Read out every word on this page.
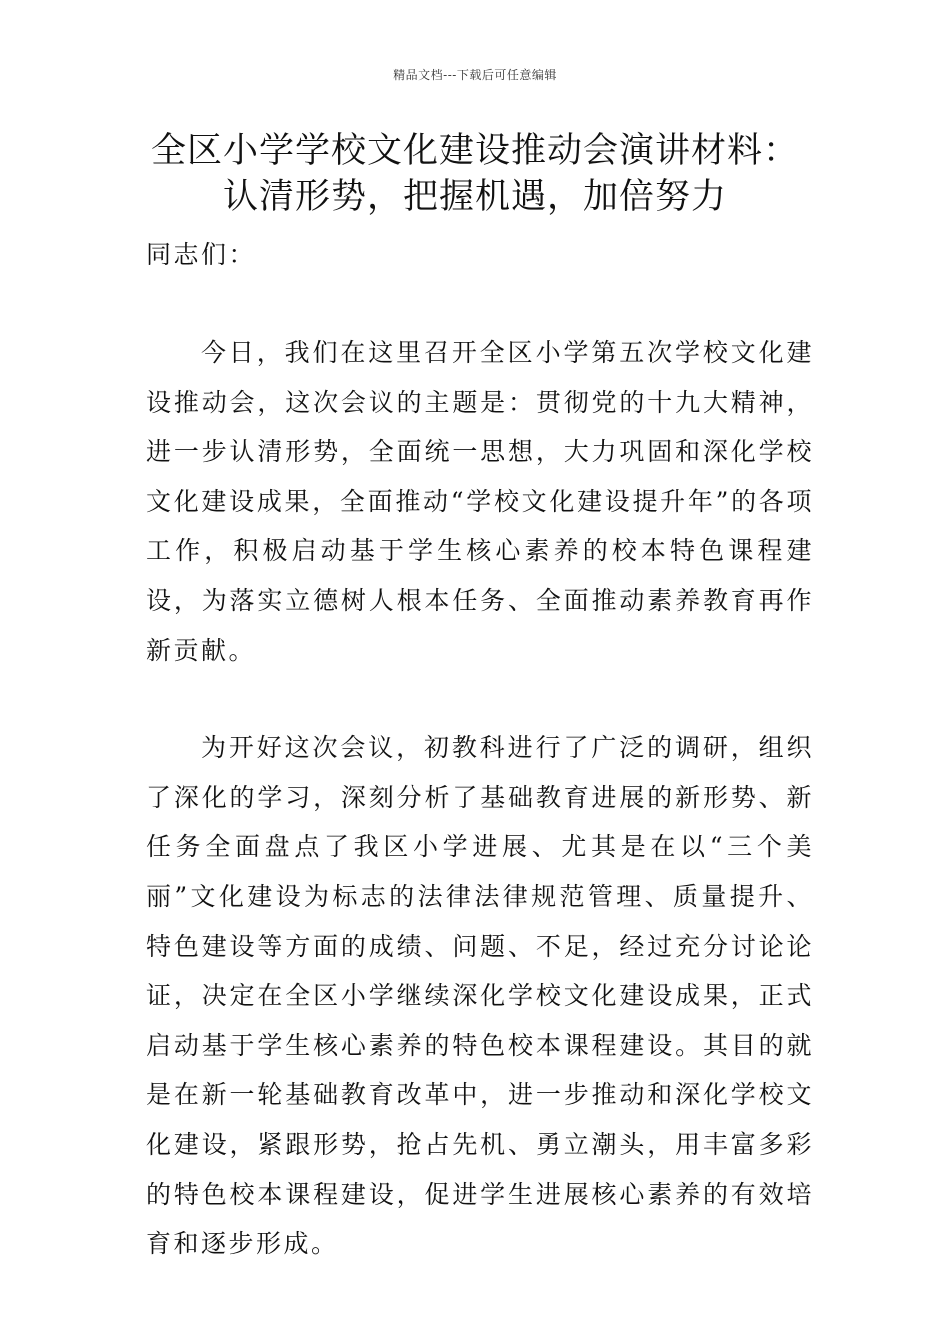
精品文档---下载后可任意编辑
全区小学学校文化建设推动会演讲材料：
认清形势，把握机遇，加倍努力

同志们：

今日，我们在这里召开全区小学第五次学校文化建设推动会，这次会议的主题是：贯彻党的十九大精神，进一步认清形势，全面统一思想，大力巩固和深化学校文化建设成果，全面推动“学校文化建设提升年”的各项工作，积极启动基于学生核心素养的校本特色课程建设，为落实立德树人根本任务、全面推动素养教育再作新贡献。

为开好这次会议，初教科进行了广泛的调研，组织了深化的学习，深刻分析了基础教育进展的新形势、新任务全面盘点了我区小学进展、尤其是在以“三个美丽”文化建设为标志的法律法律规范管理、质量提升、特色建设等方面的成绩、问题、不足，经过充分讨论论证，决定在全区小学继续深化学校文化建设成果，正式启动基于学生核心素养的特色校本课程建设。其目的就是在新一轮基础教育改革中，进一步推动和深化学校文化建设，紧跟形势，抢占先机、勇立潮头，用丰富多彩的特色校本课程建设，促进学生进展核心素养的有效培育和逐步形成。
